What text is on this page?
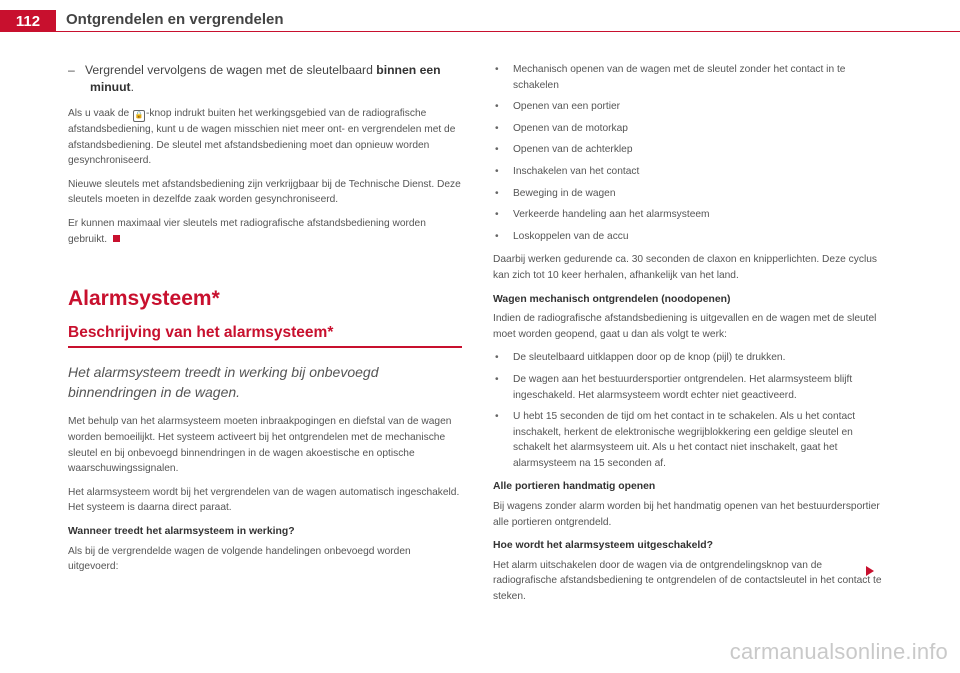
112	Ontgrendelen en vergrendelen
–   Vergrendel vervolgens de wagen met de sleutelbaard binnen een minuut.

Als u vaak de 🔒 -knop indrukt buiten het werkingsgebied van de radiografische afstandsbediening, kunt u de wagen misschien niet meer ont- en vergrendelen met de afstandsbediening. De sleutel met afstandsbediening moet dan opnieuw worden gesynchroniseerd.

Nieuwe sleutels met afstandsbediening zijn verkrijgbaar bij de Technische Dienst. Deze sleutels moeten in dezelfde zaak worden gesynchroniseerd.

Er kunnen maximaal vier sleutels met radiografische afstandsbediening worden gebruikt.

Alarmsysteem*
Beschrijving van het alarmsysteem*

Het alarmsysteem treedt in werking bij onbevoegd binnendringen in de wagen.

Met behulp van het alarmsysteem moeten inbraakpogingen en diefstal van de wagen worden bemoeilijkt. Het systeem activeert bij het ontgrendelen met de mechanische sleutel en bij onbevoegd binnendringen in de wagen akoestische en optische waarschuwingssignalen.

Het alarmsysteem wordt bij het vergrendelen van de wagen automatisch ingeschakeld. Het systeem is daarna direct paraat.

Wanneer treedt het alarmsysteem in werking?

Als bij de vergrendelde wagen de volgende handelingen onbevoegd worden uitgevoerd:

• Mechanisch openen van de wagen met de sleutel zonder het contact in te schakelen
• Openen van een portier
• Openen van de motorkap
• Openen van de achterklep
• Inschakelen van het contact
• Beweging in de wagen
• Verkeerde handeling aan het alarmsysteem
• Loskoppelen van de accu

Daarbij werken gedurende ca. 30 seconden de claxon en knipperlichten. Deze cyclus kan zich tot 10 keer herhalen, afhankelijk van het land.

Wagen mechanisch ontgrendelen (noodopenen)

Indien de radiografische afstandsbediening is uitgevallen en de wagen met de sleutel moet worden geopend, gaat u dan als volgt te werk:

• De sleutelbaard uitklappen door op de knop (pijl) te drukken.
• De wagen aan het bestuurdersportier ontgrendelen. Het alarmsysteem blijft ingeschakeld. Het alarmsysteem wordt echter niet geactiveerd.
• U hebt 15 seconden de tijd om het contact in te schakelen. Als u het contact inschakelt, herkent de elektronische wegrijblokkering een geldige sleutel en schakelt het alarmsysteem uit. Als u het contact niet inschakelt, gaat het alarmsysteem na 15 seconden af.
Alle portieren handmatig openen

Bij wagens zonder alarm worden bij het handmatig openen van het bestuurdersportier alle portieren ontgrendeld.

Hoe wordt het alarmsysteem uitgeschakeld?

Het alarm uitschakelen door de wagen via de ontgrendelingsknop van de radiografische afstandsbediening te ontgrendelen of de contactsleutel in het contact te steken.

carmanualsonline.info
